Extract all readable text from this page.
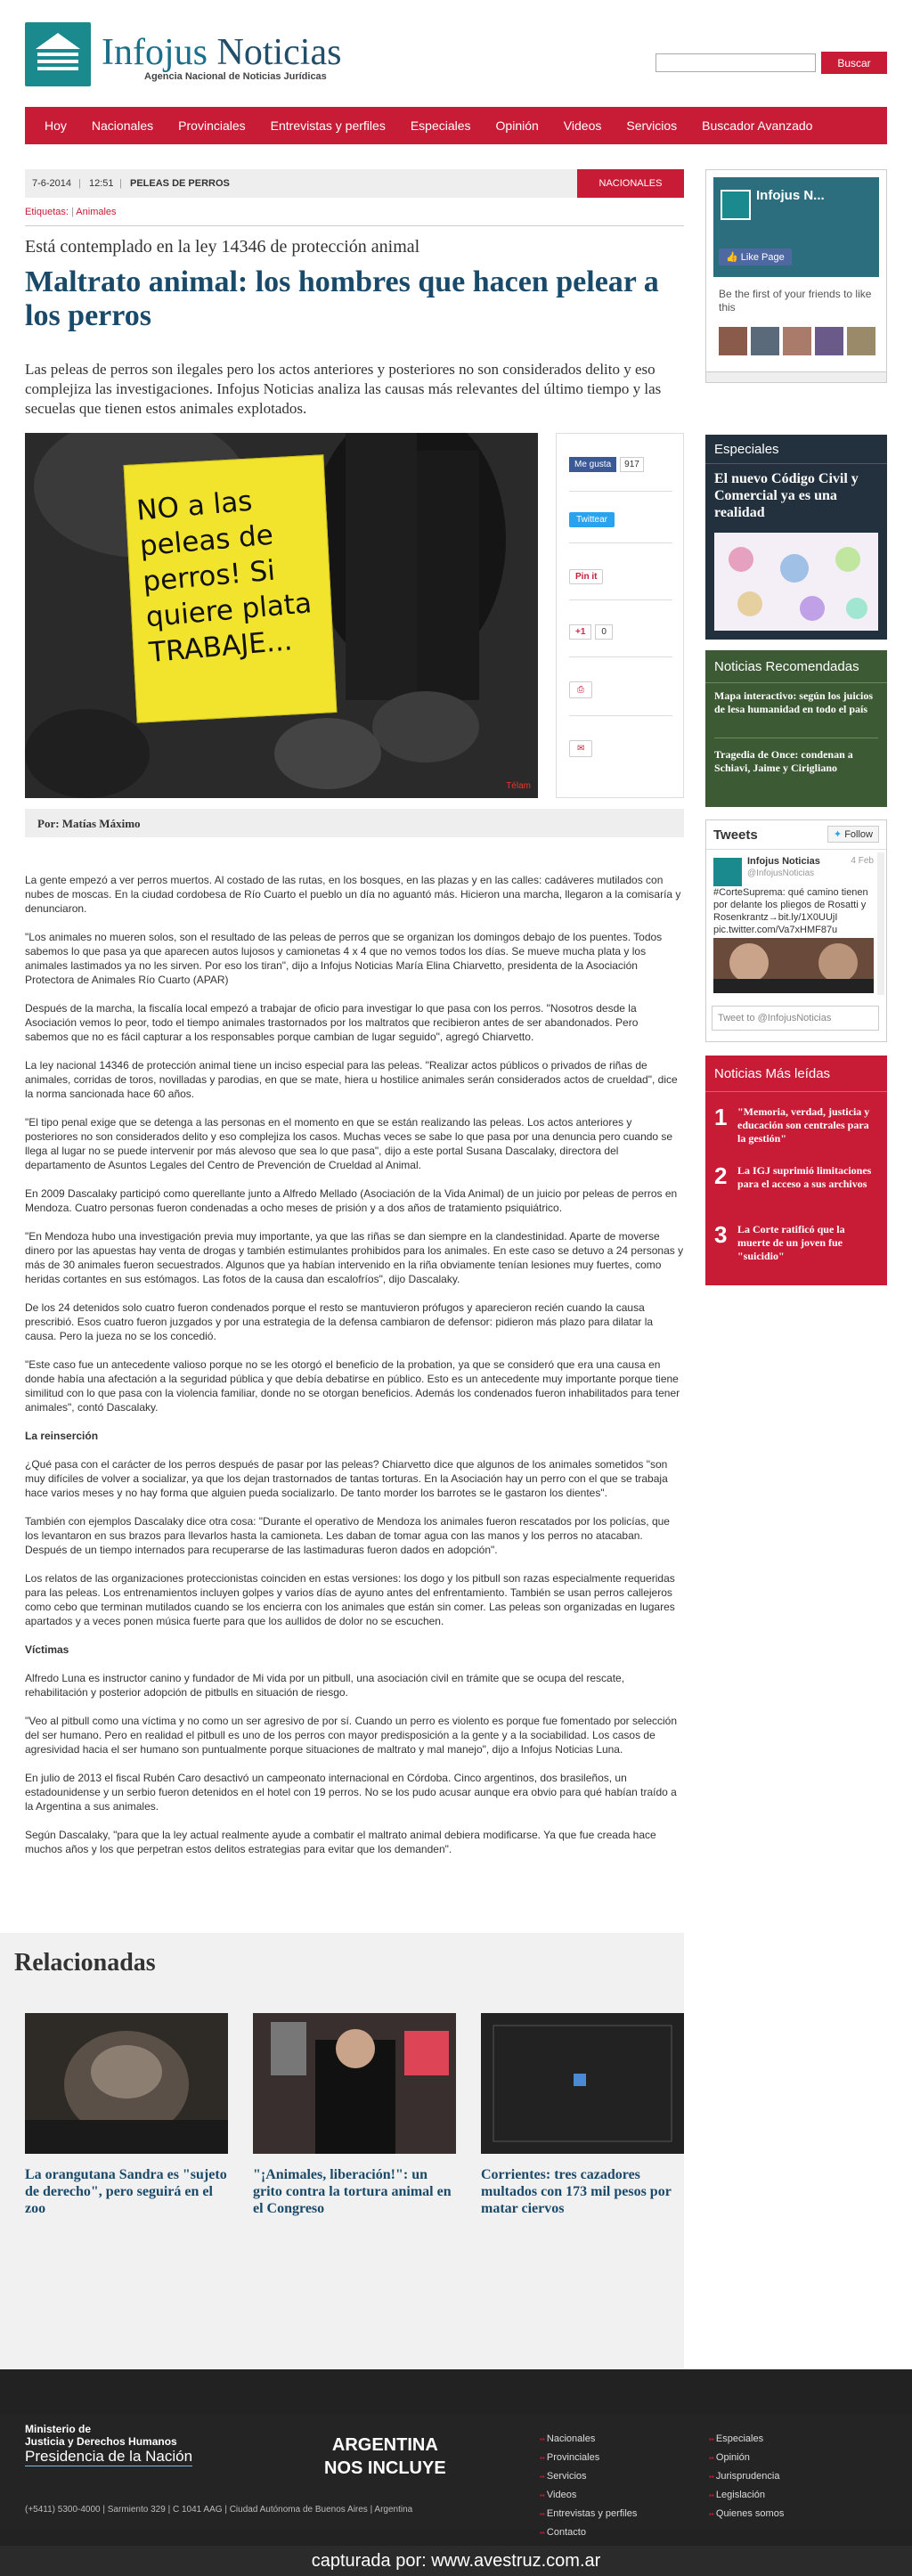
Infojus Noticias
Agencia Nacional de Noticias Jurídicas
Buscar
Hoy	Nacionales	Provinciales	Entrevistas y perfiles	Especiales	Opinión	Videos	Servicios	Buscador Avanzado
7-6-2014 | 12:51 | PELEAS DE PERROS	NACIONALES
Etiquetas: | Animales
Está contemplado en la ley 14346 de protección animal
Maltrato animal: los hombres que hacen pelear a los perros
Las peleas de perros son ilegales pero los actos anteriores y posteriores no son considerados delito y eso complejiza las investigaciones. Infojus Noticias analiza las causas más relevantes del último tiempo y las secuelas que tienen estos animales explotados.
NO a las peleas de perros! Si quiere plata TRABAJE...
Télam
Me gusta	917
Twittear
Pin it
+1	0
⎙
✉
Por: Matías Máximo

La gente empezó a ver perros muertos. Al costado de las rutas, en los bosques, en las plazas y en las calles: cadáveres mutilados con nubes de moscas. En la ciudad cordobesa de Río Cuarto el pueblo un día no aguantó más. Hicieron una marcha, llegaron a la comisaría y denunciaron.

"Los animales no mueren solos, son el resultado de las peleas de perros que se organizan los domingos debajo de los puentes. Todos sabemos lo que pasa ya que aparecen autos lujosos y camionetas 4 x 4 que no vemos todos los días. Se mueve mucha plata y los animales lastimados ya no les sirven. Por eso los tiran", dijo a Infojus Noticias María Elina Chiarvetto, presidenta de la Asociación Protectora de Animales Río Cuarto (APAR)

Después de la marcha, la fiscalía local empezó a trabajar de oficio para investigar lo que pasa con los perros. "Nosotros desde la Asociación vemos lo peor, todo el tiempo animales trastornados por los maltratos que recibieron antes de ser abandonados. Pero sabemos que no es fácil capturar a los responsables porque cambian de lugar seguido", agregó Chiarvetto.

La ley nacional 14346 de protección animal tiene un inciso especial para las peleas. "Realizar actos públicos o privados de riñas de animales, corridas de toros, novilladas y parodias, en que se mate, hiera u hostilice animales serán considerados actos de crueldad", dice la norma sancionada hace 60 años.

"El tipo penal exige que se detenga a las personas en el momento en que se están realizando las peleas. Los actos anteriores y posteriores no son considerados delito y eso complejiza los casos. Muchas veces se sabe lo que pasa por una denuncia pero cuando se llega al lugar no se puede intervenir por más alevoso que sea lo que pasa", dijo a este portal Susana Dascalaky, directora del departamento de Asuntos Legales del Centro de Prevención de Crueldad al Animal.

En 2009 Dascalaky participó como querellante junto a Alfredo Mellado (Asociación de la Vida Animal) de un juicio por peleas de perros en Mendoza. Cuatro personas fueron condenadas a ocho meses de prisión y a dos años de tratamiento psiquiátrico.

"En Mendoza hubo una investigación previa muy importante, ya que las riñas se dan siempre en la clandestinidad. Aparte de moverse dinero por las apuestas hay venta de drogas y también estimulantes prohibidos para los animales. En este caso se detuvo a 24 personas y más de 30 animales fueron secuestrados. Algunos que ya habían intervenido en la riña obviamente tenían lesiones muy fuertes, como heridas cortantes en sus estómagos. Las fotos de la causa dan escalofríos", dijo Dascalaky.

De los 24 detenidos solo cuatro fueron condenados porque el resto se mantuvieron prófugos y aparecieron recién cuando la causa prescribió. Esos cuatro fueron juzgados y por una estrategia de la defensa cambiaron de defensor: pidieron más plazo para dilatar la causa. Pero la jueza no se los concedió.

"Este caso fue un antecedente valioso porque no se les otorgó el beneficio de la probation, ya que se consideró que era una causa en donde había una afectación a la seguridad pública y que debía debatirse en público. Esto es un antecedente muy importante porque tiene similitud con lo que pasa con la violencia familiar, donde no se otorgan beneficios. Además los condenados fueron inhabilitados para tener animales", contó Dascalaky.

La reinserción

¿Qué pasa con el carácter de los perros después de pasar por las peleas? Chiarvetto dice que algunos de los animales sometidos "son muy difíciles de volver a socializar, ya que los dejan trastornados de tantas torturas. En la Asociación hay un perro con el que se trabaja hace varios meses y no hay forma que alguien pueda socializarlo. De tanto morder los barrotes se le gastaron los dientes".

También con ejemplos Dascalaky dice otra cosa: "Durante el operativo de Mendoza los animales fueron rescatados por los policías, que los levantaron en sus brazos para llevarlos hasta la camioneta. Les daban de tomar agua con las manos y los perros no atacaban. Después de un tiempo internados para recuperarse de las lastimaduras fueron dados en adopción".

Los relatos de las organizaciones proteccionistas coinciden en estas versiones: los dogo y los pitbull son razas especialmente requeridas para las peleas. Los entrenamientos incluyen golpes y varios días de ayuno antes del enfrentamiento. También se usan perros callejeros como cebo que terminan mutilados cuando se los encierra con los animales que están sin comer. Las peleas son organizadas en lugares apartados y a veces ponen música fuerte para que los aullidos de dolor no se escuchen.

Víctimas

Alfredo Luna es instructor canino y fundador de Mi vida por un pitbull, una asociación civil en trámite que se ocupa del rescate, rehabilitación y posterior adopción de pitbulls en situación de riesgo.

"Veo al pitbull como una víctima y no como un ser agresivo de por sí. Cuando un perro es violento es porque fue fomentado por selección del ser humano. Pero en realidad el pitbull es uno de los perros con mayor predisposición a la gente y a la sociabilidad. Los casos de agresividad hacia el ser humano son puntualmente porque situaciones de maltrato y mal manejo", dijo a Infojus Noticias Luna.

En julio de 2013 el fiscal Rubén Caro desactivó un campeonato internacional en Córdoba. Cinco argentinos, dos brasileños, un estadounidense y un serbio fueron detenidos en el hotel con 19 perros. No se los pudo acusar aunque era obvio para qué habían traído a la Argentina a sus animales.

Según Dascalaky, "para que la ley actual realmente ayude a combatir el maltrato animal debiera modificarse. Ya que fue creada hace muchos años y los que perpetran estos delitos estrategias para evitar que los demanden".

Relacionadas
La orangutana Sandra es "sujeto de derecho", pero seguirá en el zoo
"¡Animales, liberación!": un grito contra la tortura animal en el Congreso
Corrientes: tres cazadores multados con 173 mil pesos por matar ciervos
Infojus N...
👍 Like Page
Be the first of your friends to like this
Especiales
El nuevo Código Civil y Comercial ya es una realidad
Noticias Recomendadas
Mapa interactivo: según los juicios de lesa humanidad en todo el país
Tragedia de Once: condenan a Schiavi, Jaime y Cirigliano
Tweets	✦ Follow
Infojus Noticias	4 Feb
@InfojusNoticias
#CorteSuprema: qué camino tienen por delante los pliegos de Rosatti y Rosenkrantz→bit.ly/1X0UUjI pic.twitter.com/Va7xHMF87u
Tweet to @InfojusNoticias
Noticias Más leídas
1 "Memoria, verdad, justicia y educación son centrales para la gestión"
2 La IGJ suprimió limitaciones para el acceso a sus archivos
3 La Corte ratificó que la muerte de un joven fue "suicidio"
Ministerio de
Justicia y Derechos Humanos
Presidencia de la Nación
ARGENTINA
NOS INCLUYE
(+5411) 5300-4000 | Sarmiento 329 | C 1041 AAG | Ciudad Autónoma de Buenos Aires | Argentina
▪▪ Nacionales
▪▪ Provinciales
▪▪ Servicios
▪▪ Videos
▪▪ Entrevistas y perfiles
▪▪ Contacto
▪▪ Especiales
▪▪ Opinión
▪▪ Jurisprudencia
▪▪ Legislación
▪▪ Quienes somos
capturada por: www.avestruz.com.ar
